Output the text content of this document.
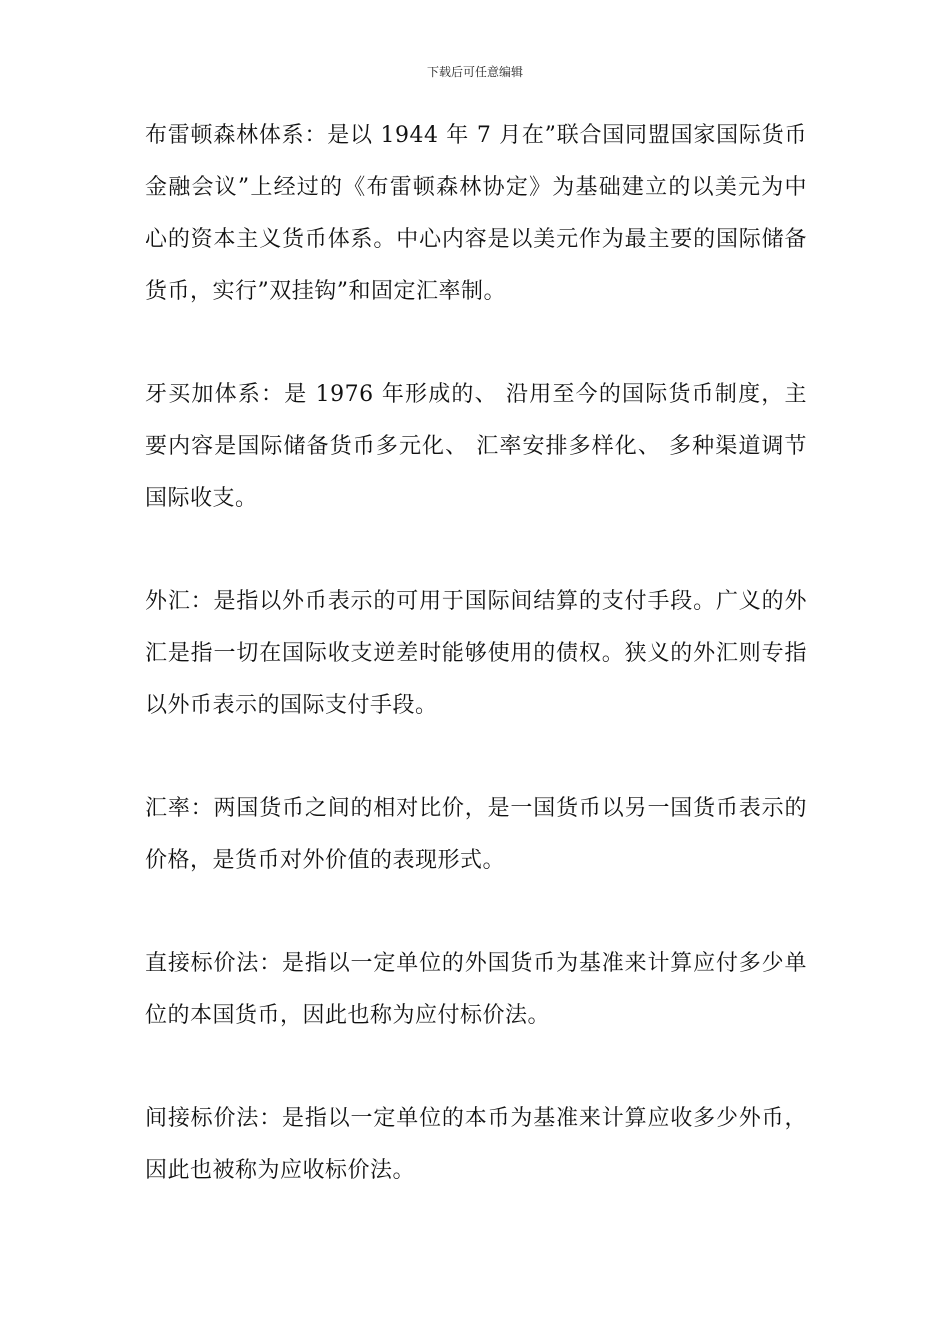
下载后可任意编辑

布雷顿森林体系：是以 1944 年 7 月在”联合国同盟国家国际货币金融会议”上经过的《布雷顿森林协定》为基础建立的以美元为中心的资本主义货币体系。中心内容是以美元作为最主要的国际储备货币，实行”双挂钩”和固定汇率制。

牙买加体系：是 1976 年形成的、 沿用至今的国际货币制度，主要内容是国际储备货币多元化、 汇率安排多样化、 多种渠道调节国际收支。

外汇：是指以外币表示的可用于国际间结算的支付手段。广义的外汇是指一切在国际收支逆差时能够使用的债权。狭义的外汇则专指以外币表示的国际支付手段。

汇率：两国货币之间的相对比价，是一国货币以另一国货币表示的价格，是货币对外价值的表现形式。

直接标价法：是指以一定单位的外国货币为基准来计算应付多少单位的本国货币，因此也称为应付标价法。

间接标价法：是指以一定单位的本币为基准来计算应收多少外币，因此也被称为应收标价法。
